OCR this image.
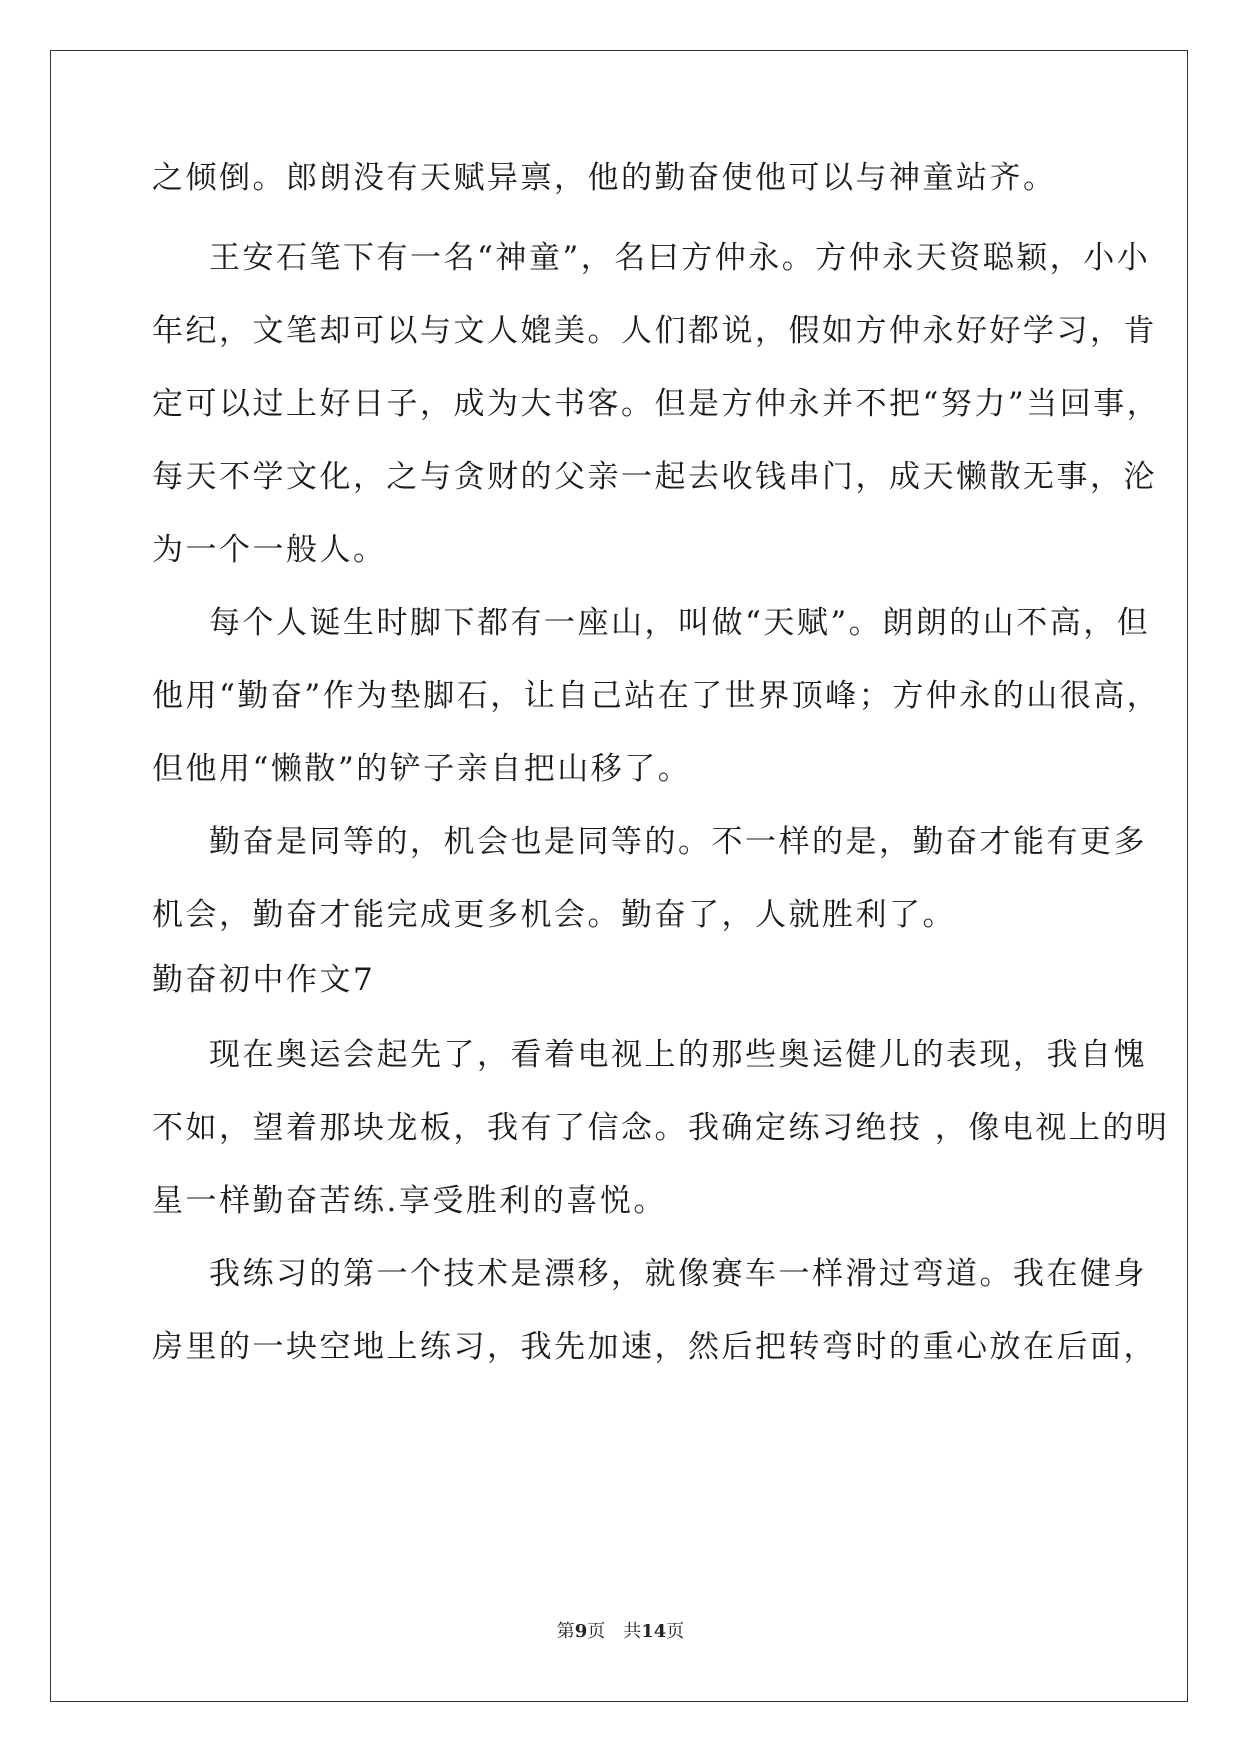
之倾倒。郎朗没有天赋异禀，他的勤奋使他可以与神童站齐。

王安石笔下有一名“神童”，名曰方仲永。方仲永天资聪颖，小小

年纪，文笔却可以与文人媲美。人们都说，假如方仲永好好学习，肯

定可以过上好日子，成为大书客。但是方仲永并不把“努力”当回事，

每天不学文化，之与贪财的父亲一起去收钱串门，成天懒散无事，沦

为一个一般人。

每个人诞生时脚下都有一座山，叫做“天赋”。朗朗的山不高，但

他用“勤奋”作为垫脚石，让自己站在了世界顶峰；方仲永的山很高，

但他用“懒散”的铲子亲自把山移了。

勤奋是同等的，机会也是同等的。不一样的是，勤奋才能有更多

机会，勤奋才能完成更多机会。勤奋了，人就胜利了。

勤奋初中作文7

现在奥运会起先了，看着电视上的那些奥运健儿的表现，我自愧

不如，望着那块龙板，我有了信念。我确定练习绝技 ，像电视上的明

星一样勤奋苦练.享受胜利的喜悦。

我练习的第一个技术是漂移，就像赛车一样滑过弯道。我在健身

房里的一块空地上练习，我先加速，然后把转弯时的重心放在后面，

第9页　共14页
